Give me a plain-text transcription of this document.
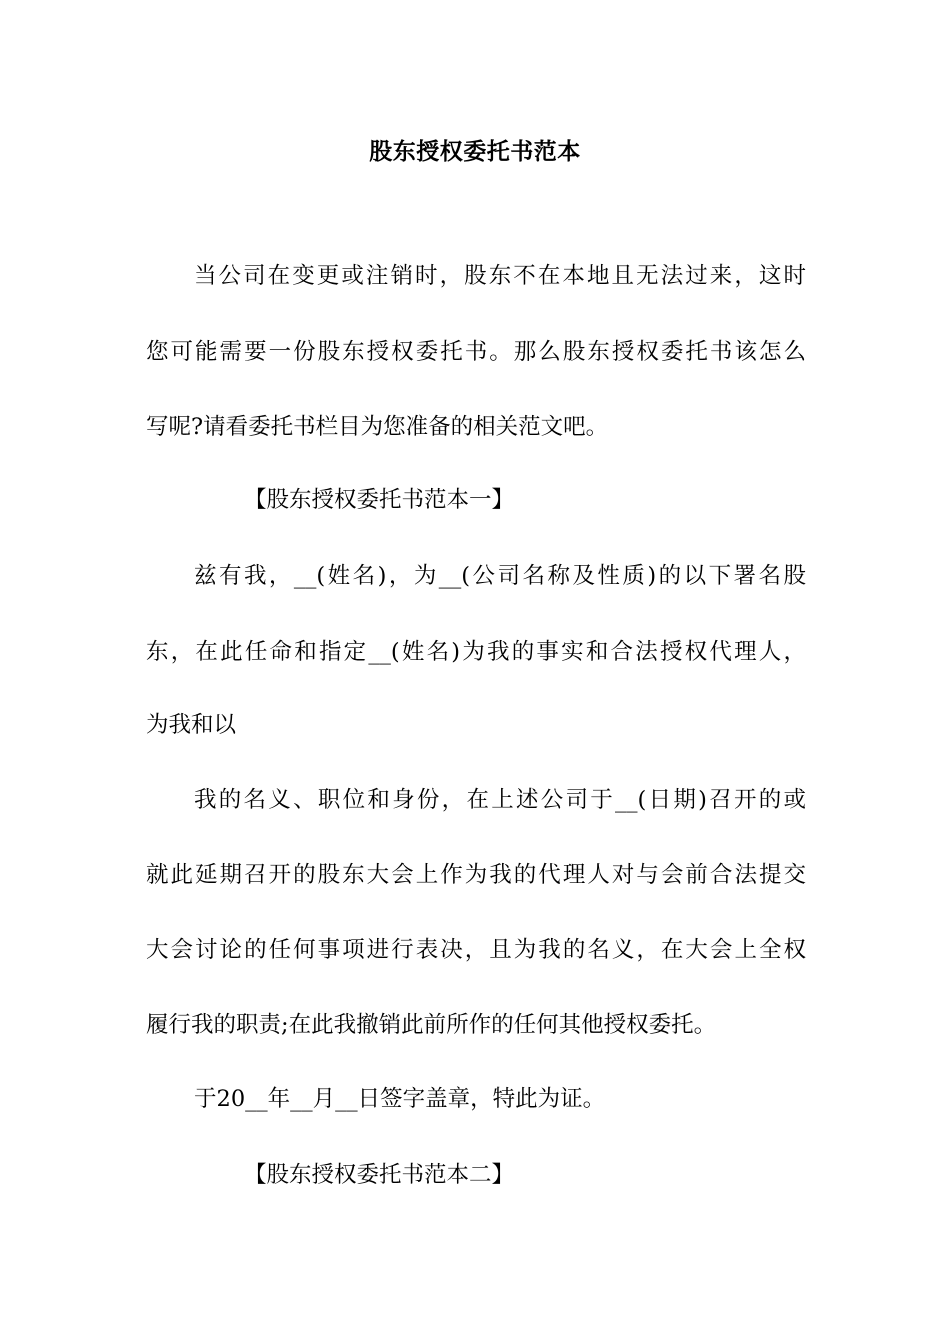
股东授权委托书范本
当公司在变更或注销时，股东不在本地且无法过来，这时
您可能需要一份股东授权委托书。那么股东授权委托书该怎么
写呢?请看委托书栏目为您准备的相关范文吧。
【股东授权委托书范本一】
兹有我，__(姓名)，为__(公司名称及性质)的以下署名股
东，在此任命和指定__(姓名)为我的事实和合法授权代理人，
为我和以
我的名义、职位和身份，在上述公司于__(日期)召开的或
就此延期召开的股东大会上作为我的代理人对与会前合法提交
大会讨论的任何事项进行表决，且为我的名义，在大会上全权
履行我的职责;在此我撤销此前所作的任何其他授权委托。
于20__年__月__日签字盖章，特此为证。
【股东授权委托书范本二】
